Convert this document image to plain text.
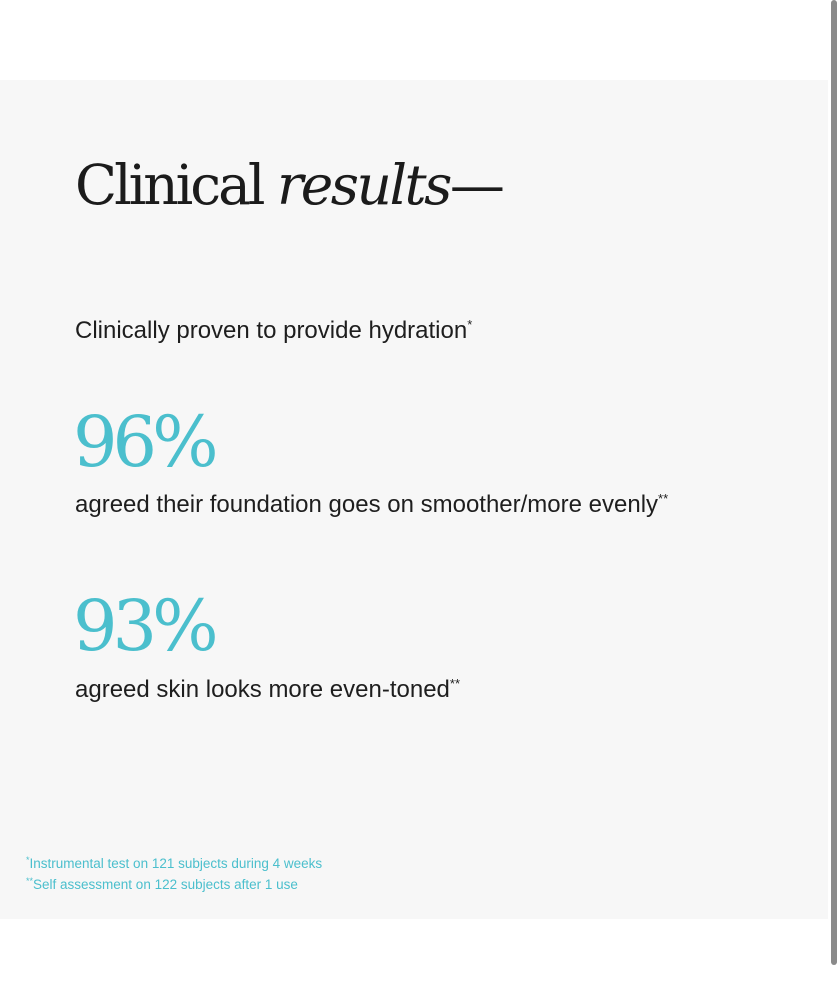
Clinical results—
Clinically proven to provide hydration*
96%
agreed their foundation goes on smoother/more evenly**
93%
agreed skin looks more even-toned**
*Instrumental test on 121 subjects during 4 weeks
**Self assessment on 122 subjects after 1 use
